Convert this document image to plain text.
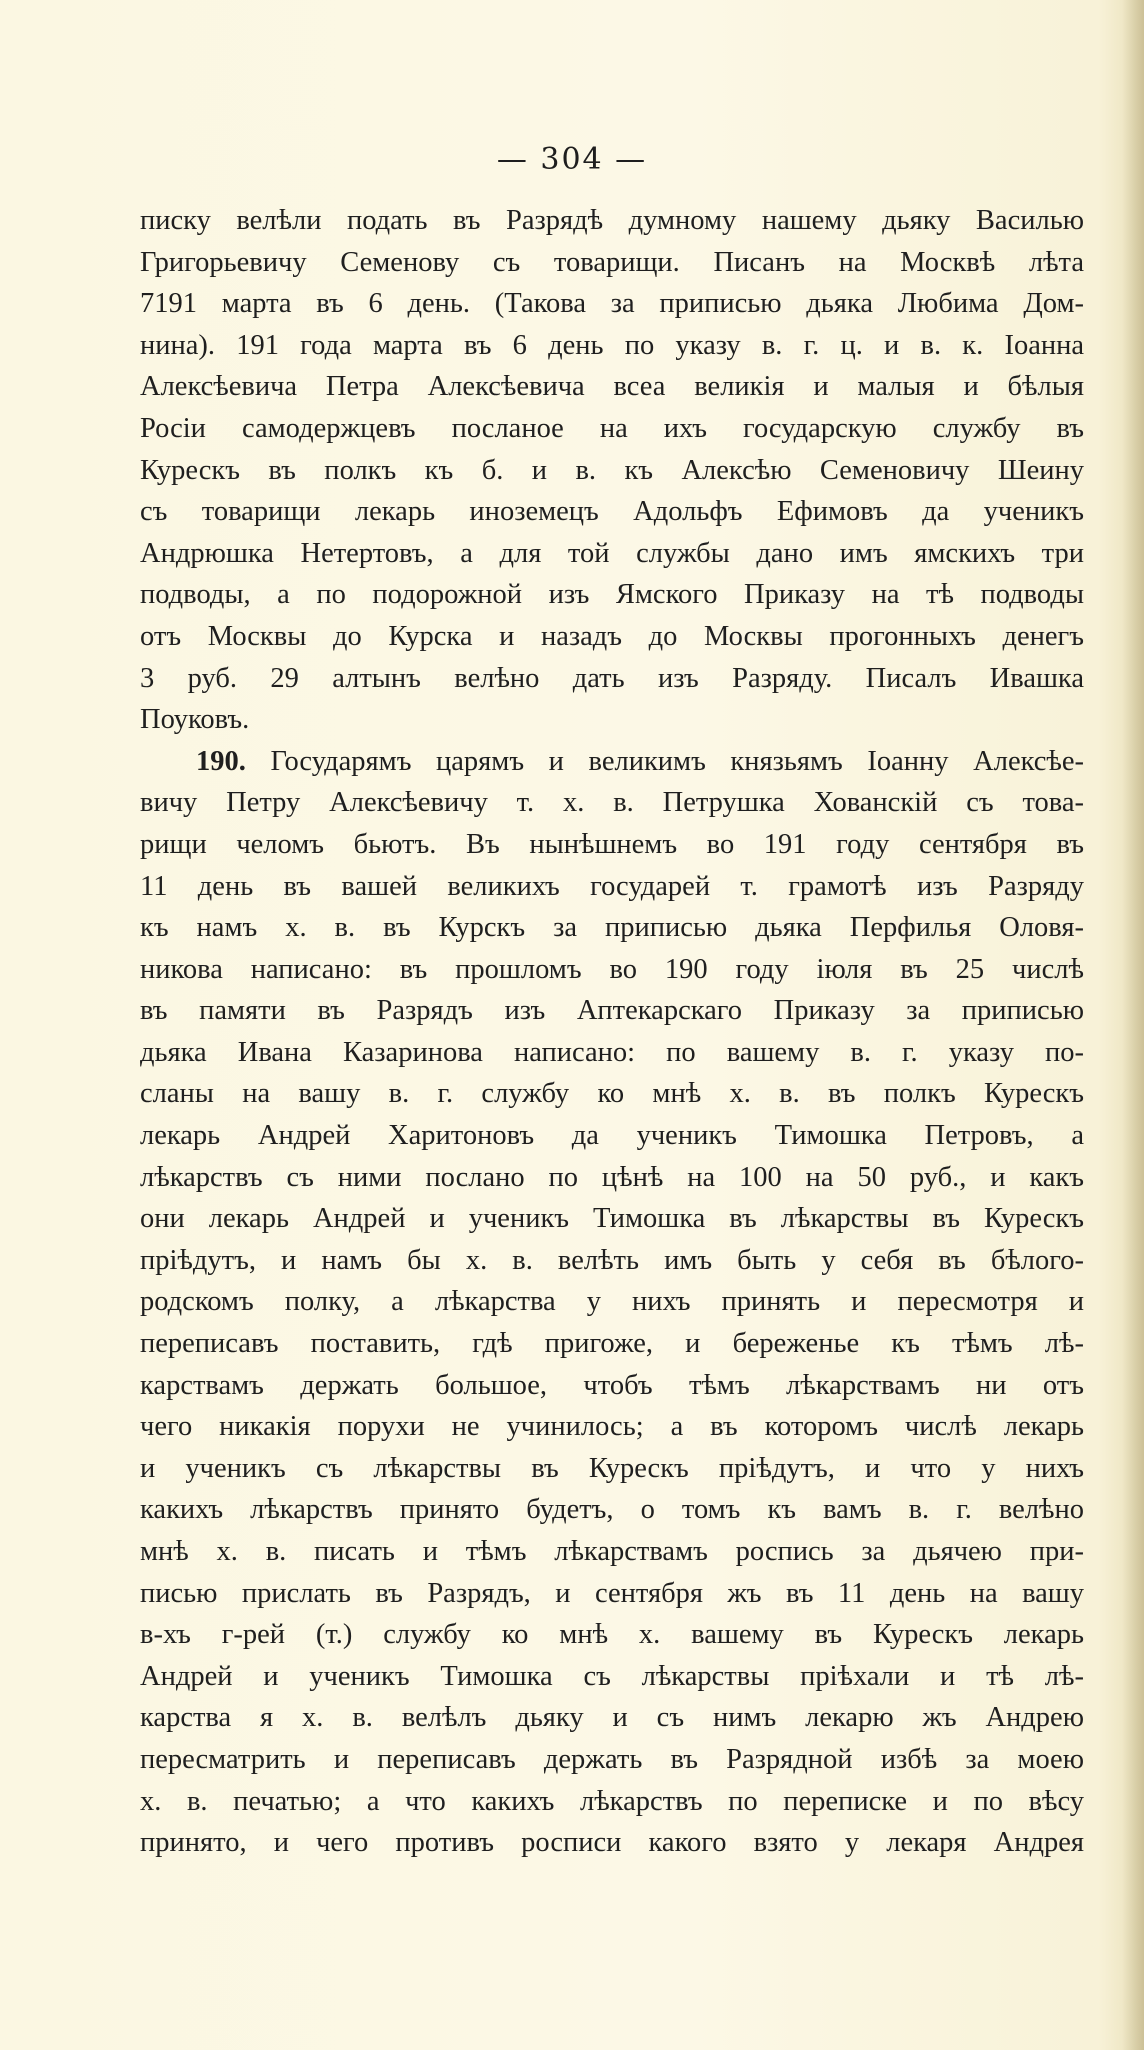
— 304 —
писку велѣли подать въ Разрядѣ думному нашему дьяку Василью
Григорьевичу Семенову съ товарищи. Писанъ на Москвѣ лѣта
7191 марта въ 6 день. (Такова за приписью дьяка Любима Дом-
нина). 191 года марта въ 6 день по указу в. г. ц. и в. к. Іоанна
Алексѣевича Петра Алексѣевича всеа великія и малыя и бѣлыя
Росіи самодержцевъ посланое на ихъ государскую службу въ
Курескъ въ полкъ къ б. и в. къ Алексѣю Семеновичу Шеину
съ товарищи лекарь иноземецъ Адольфъ Ефимовъ да ученикъ
Андрюшка Нетертовъ, а для той службы дано имъ ямскихъ три
подводы, а по подорожной изъ Ямского Приказу на тѣ подводы
отъ Москвы до Курска и назадъ до Москвы прогонныхъ денегъ
3 руб. 29 алтынъ велѣно дать изъ Разряду. Писалъ Ивашка
Поуковъ.
190. Государямъ царямъ и великимъ князьямъ Іоанну Алексѣе-
вичу Петру Алексѣевичу т. х. в. Петрушка Хованскій съ това-
рищи челомъ бьютъ. Въ нынѣшнемъ во 191 году сентября въ
11 день въ вашей великихъ государей т. грамотѣ изъ Разряду
къ намъ х. в. въ Курскъ за приписью дьяка Перфилья Оловя-
никова написано: въ прошломъ во 190 году іюля въ 25 числѣ
въ памяти въ Разрядъ изъ Аптекарскаго Приказу за приписью
дьяка Ивана Казаринова написано: по вашему в. г. указу по-
сланы на вашу в. г. службу ко мнѣ х. в. въ полкъ Курескъ
лекарь Андрей Харитоновъ да ученикъ Тимошка Петровъ, а
лѣкарствъ съ ними послано по цѣнѣ на 100 на 50 руб., и какъ
они лекарь Андрей и ученикъ Тимошка въ лѣкарствы въ Курескъ
пріѣдутъ, и намъ бы х. в. велѣть имъ быть у себя въ бѣлого-
родскомъ полку, а лѣкарства у нихъ принять и пересмотря и
переписавъ поставить, гдѣ пригоже, и береженье къ тѣмъ лѣ-
карствамъ держать большое, чтобъ тѣмъ лѣкарствамъ ни отъ
чего никакія порухи не учинилось; а въ которомъ числѣ лекарь
и ученикъ съ лѣкарствы въ Курескъ пріѣдутъ, и что у нихъ
какихъ лѣкарствъ принято будетъ, о томъ къ вамъ в. г. велѣно
мнѣ х. в. писать и тѣмъ лѣкарствамъ роспись за дьячею при-
писью прислать въ Разрядъ, и сентября жъ въ 11 день на вашу
в-хъ г-рей (т.) службу ко мнѣ х. вашему въ Курескъ лекарь
Андрей и ученикъ Тимошка съ лѣкарствы пріѣхали и тѣ лѣ-
карства я х. в. велѣлъ дьяку и съ нимъ лекарю жъ Андрею
пересматрить и переписавъ держать въ Разрядной избѣ за моею
х. в. печатью; а что какихъ лѣкарствъ по переписке и по вѣсу
принято, и чего противъ росписи какого взято у лекаря Андрея
